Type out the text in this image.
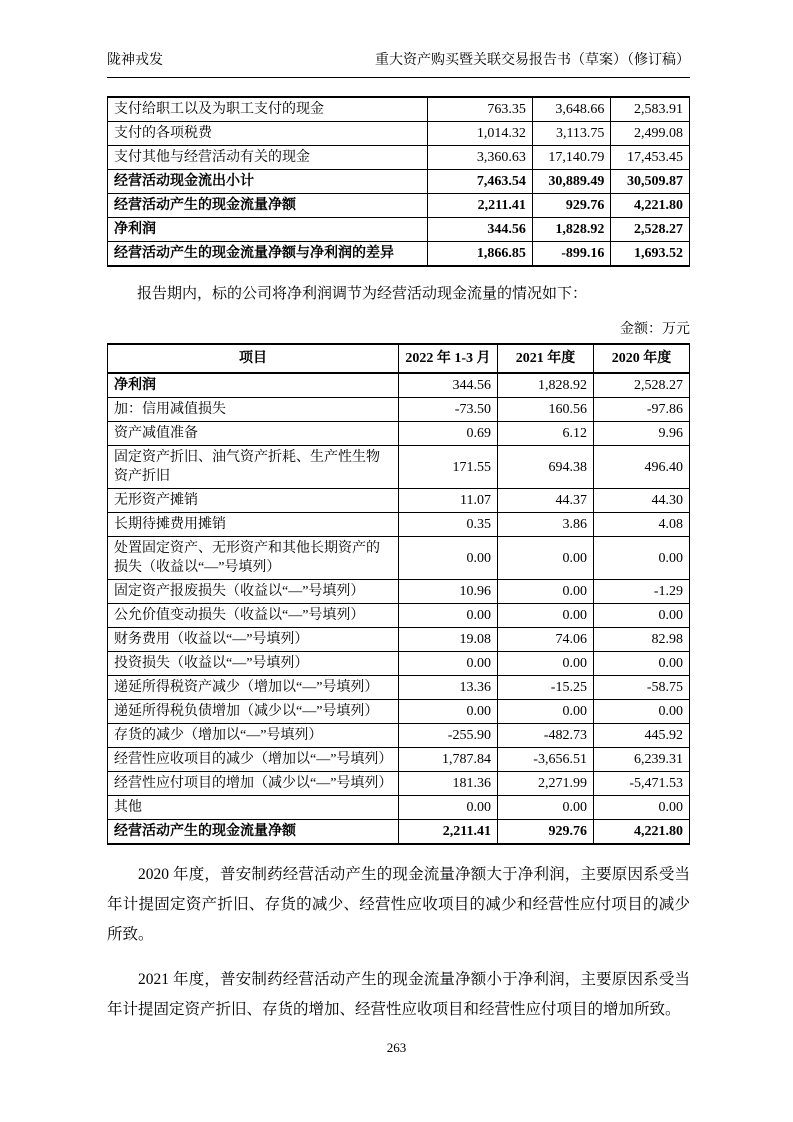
陇神戎发	重大资产购买暨关联交易报告书（草案）（修订稿）
支付给职工以及为职工支付的现金	763.35	3,648.66	2,583.91
支付的各项税费	1,014.32	3,113.75	2,499.08
支付其他与经营活动有关的现金	3,360.63	17,140.79	17,453.45
经营活动现金流出小计	7,463.54	30,889.49	30,509.87
经营活动产生的现金流量净额	2,211.41	929.76	4,221.80
净利润	344.56	1,828.92	2,528.27
经营活动产生的现金流量净额与净利润的差异	1,866.85	-899.16	1,693.52

报告期内，标的公司将净利润调节为经营活动现金流量的情况如下：

金额：万元
项目	2022 年 1-3 月	2021 年度	2020 年度
净利润	344.56	1,828.92	2,528.27
加：信用减值损失	-73.50	160.56	-97.86
资产减值准备	0.69	6.12	9.96
固定资产折旧、油气资产折耗、生产性生物资产折旧	171.55	694.38	496.40
无形资产摊销	11.07	44.37	44.30
长期待摊费用摊销	0.35	3.86	4.08
处置固定资产、无形资产和其他长期资产的损失（收益以“—”号填列）	0.00	0.00	0.00
固定资产报废损失（收益以“—”号填列）	10.96	0.00	-1.29
公允价值变动损失（收益以“—”号填列）	0.00	0.00	0.00
财务费用（收益以“—”号填列）	19.08	74.06	82.98
投资损失（收益以“—”号填列）	0.00	0.00	0.00
递延所得税资产减少（增加以“—”号填列）	13.36	-15.25	-58.75
递延所得税负债增加（减少以“—”号填列）	0.00	0.00	0.00
存货的减少（增加以“—”号填列）	-255.90	-482.73	445.92
经营性应收项目的减少（增加以“—”号填列）	1,787.84	-3,656.51	6,239.31
经营性应付项目的增加（减少以“—”号填列）	181.36	2,271.99	-5,471.53
其他	0.00	0.00	0.00
经营活动产生的现金流量净额	2,211.41	929.76	4,221.80

2020 年度，普安制药经营活动产生的现金流量净额大于净利润，主要原因系受当年计提固定资产折旧、存货的减少、经营性应收项目的减少和经营性应付项目的减少所致。

2021 年度，普安制药经营活动产生的现金流量净额小于净利润，主要原因系受当年计提固定资产折旧、存货的增加、经营性应收项目和经营性应付项目的增加所致。

263
